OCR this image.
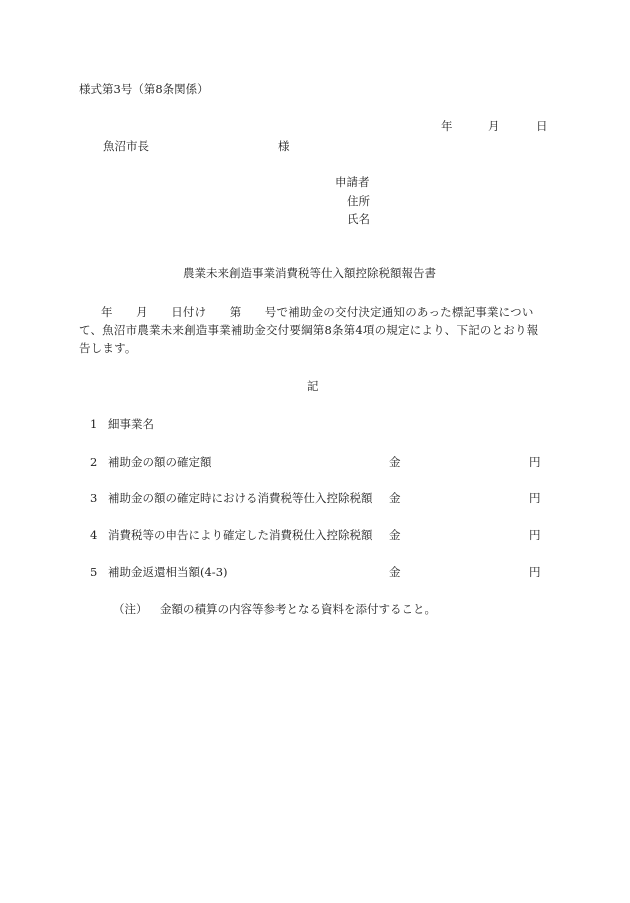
様式第3号（第8条関係）
年	月	日
魚沼市長	様
申請者
住所
氏名
農業未来創造事業消費税等仕入額控除税額報告書
年　　月　　日付け　　第　　号で補助金の交付決定通知のあった標記事業について、魚沼市農業未来創造事業補助金交付要綱第8条第4項の規定により、下記のとおり報告します。
記
1 細事業名
2 補助金の額の確定額	金	円
3 補助金の額の確定時における消費税等仕入控除税額 金	円
4 消費税等の申告により確定した消費税仕入控除税額 金	円
5 補助金返還相当額(4-3)	金	円
（注） 金額の積算の内容等参考となる資料を添付すること。
